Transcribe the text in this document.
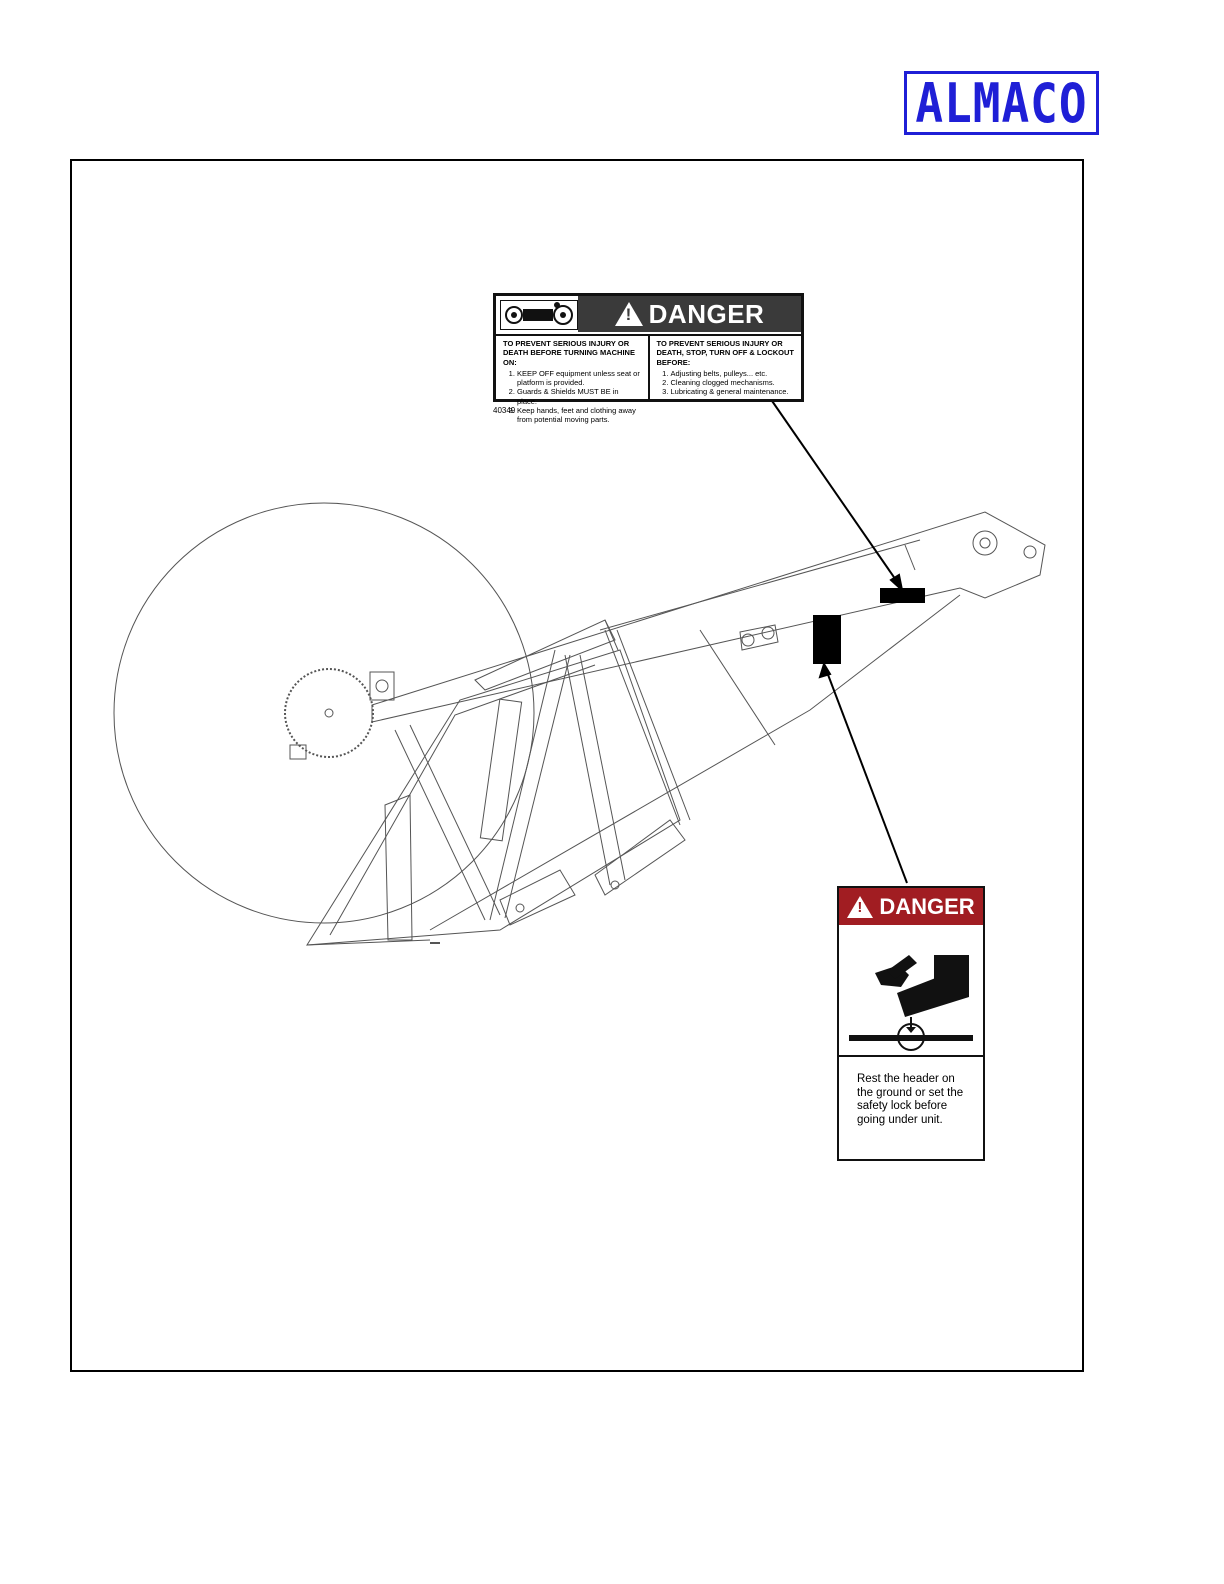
ALMACO
!
DANGER
TO PREVENT SERIOUS INJURY OR DEATH BEFORE TURNING MACHINE ON:
1. KEEP OFF equipment unless seat or platform is provided.
2. Guards & Shields MUST BE in place.
3. Keep hands, feet and clothing away from potential moving parts.
TO PREVENT SERIOUS INJURY OR DEATH, STOP, TURN OFF & LOCKOUT BEFORE:
1. Adjusting belts, pulleys... etc.
2. Cleaning clogged mechanisms.
3. Lubricating & general maintenance.
40349
!
DANGER
Rest the header on the ground or set the safety lock before going under unit.
